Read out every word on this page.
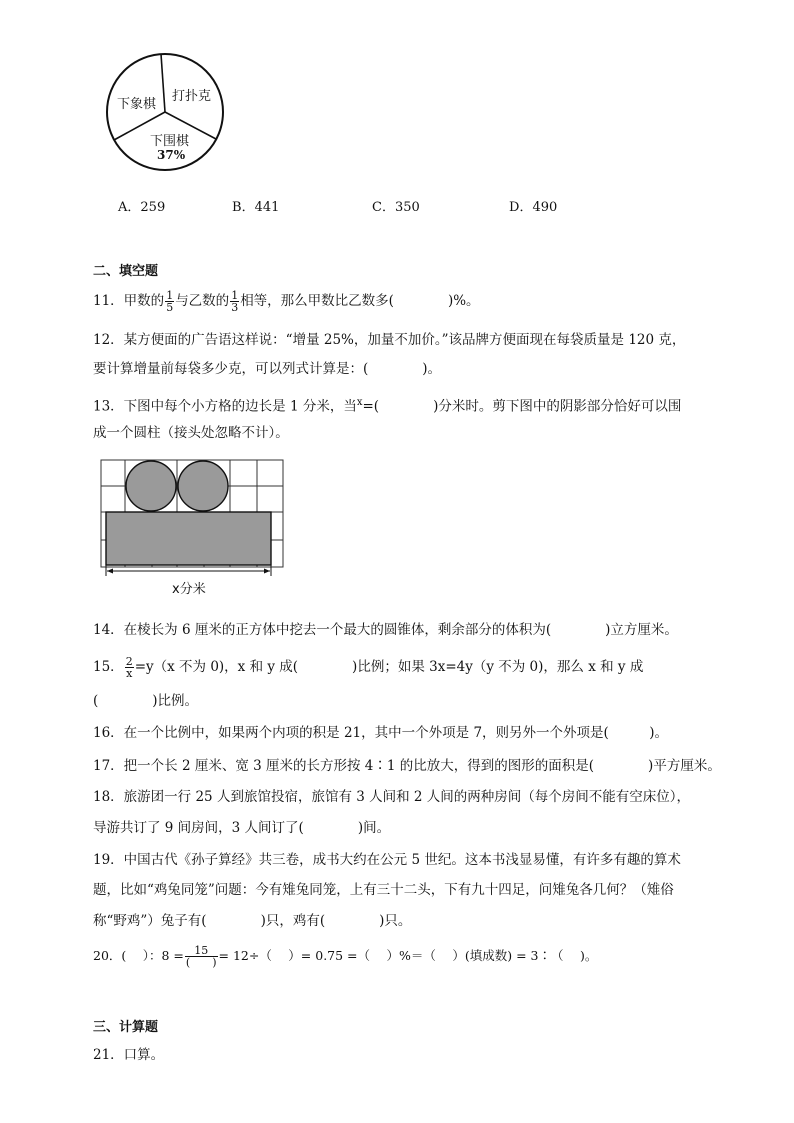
打扑克
下象棋
下围棋
37%
A．259	B．441	C．350	D．490
二、填空题
11．甲数的 $\frac{1}{5}$ 与乙数的 $\frac{1}{3}$ 相等，那么甲数比乙数多(　　　　)%。
12．某方便面的广告语这样说：“增量 25%，加量不加价。”该品牌方便面现在每袋质量是 120 克，
要计算增量前每袋多少克，可以列式计算是：(　　　　)。
13．下图中每个小方格的边长是 1 分米，当$^x$=(　　　　)分米时。剪下图中的阴影部分恰好可以围
成一个圆柱（接头处忽略不计）。
x分米
14．在棱长为 6 厘米的正方体中挖去一个最大的圆锥体，剩余部分的体积为(　　　　)立方厘米。
15． $\frac{2}{x} =y(x$ 不为 0)，x 和 y 成(　　　　)比例；如果 3x=4y（y 不为 0)，那么 x 和 y 成
(　　　　)比例。
16．在一个比例中，如果两个内项的积是 21，其中一个外项是 7，则另外一个外项是(　　　)。
17．把一个长 2 厘米、宽 3 厘米的长方形按 4∶1 的比放大，得到的图形的面积是(　　　　)平方厘米。
18．旅游团一行 25 人到旅馆投宿，旅馆有 3 人间和 2 人间的两种房间（每个房间不能有空床位），
导游共订了 9 间房间，3 人间订了(　　　　)间。
19．中国古代《孙子算经》共三卷，成书大约在公元 5 世纪。这本书浅显易懂，有许多有趣的算术
题，比如“鸡兔同笼”问题：今有雉兔同笼，上有三十二头，下有九十四足，问雉兔各几何？（雉俗
称“野鸡”）兔子有(　　　　)只，鸡有(　　　　)只。
20．(　 ）：$8 = \frac{15}{( )} = 12\div$（　 ）= 0.75 =（　 ）%＝（　 ）(填成数) = 3∶（　 )。
三、计算题
21．口算。
